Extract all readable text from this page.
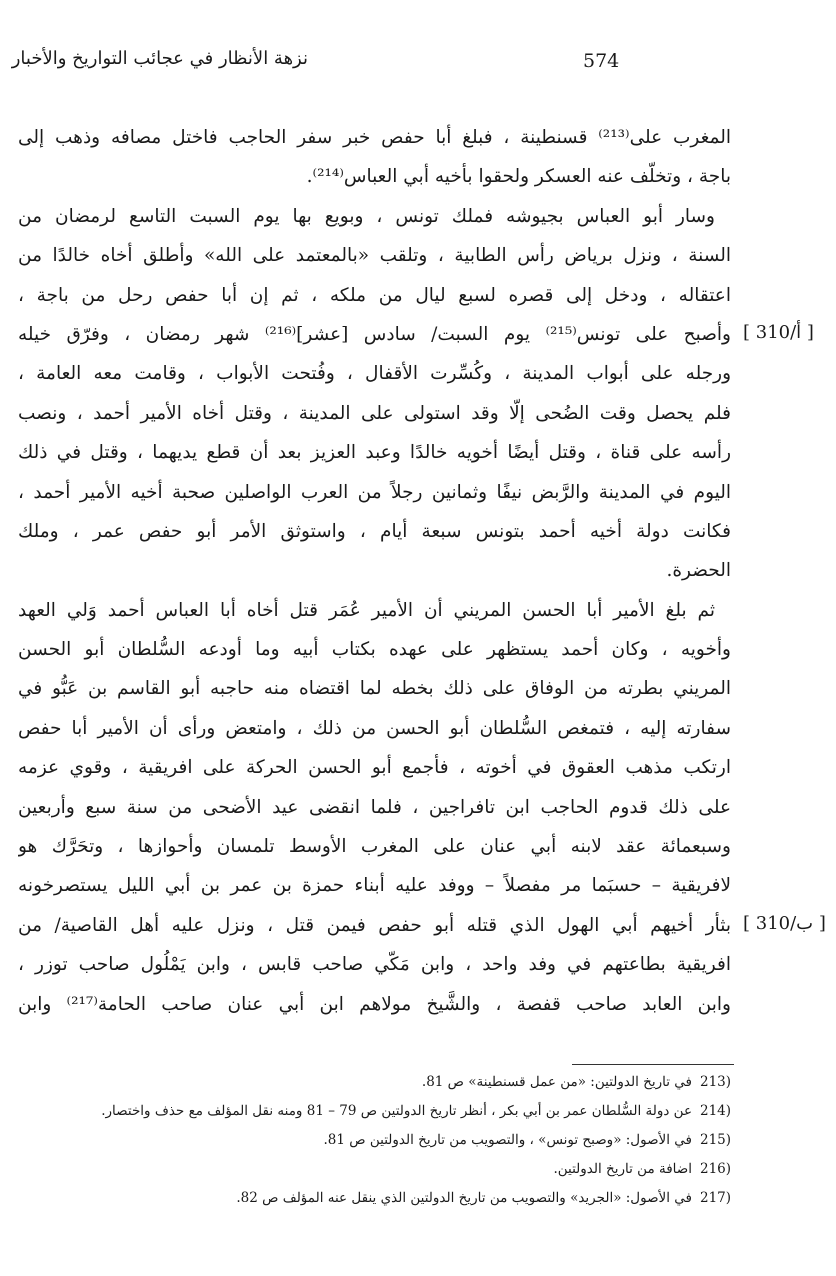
574
نزهة الأنظار في عجائب التواريخ والأخبار
المغرب على⁽²¹³⁾ قسنطينة ، فبلغ أبا حفص خبر سفر الحاجب فاختل مصافه وذهب إلى
باجة ، وتخلّف عنه العسكر ولحقوا بأخيه أبي العباس⁽²¹⁴⁾.
وسار أبو العباس بجيوشه فملك تونس ، وبويع بها يوم السبت التاسع لرمضان من
السنة ، ونزل برياض رأس الطابية ، وتلقب «بالمعتمد على الله» وأطلق أخاه خالدًا من
اعتقاله ، ودخل إلى قصره لسبع ليال من ملكه ، ثم إن أبا حفص رحل من باجة ،
وأصبح على تونس⁽²¹⁵⁾ يوم السبت/ سادس [عشر]⁽²¹⁶⁾ شهر رمضان ، وفرّق خيله
ورجله على أبواب المدينة ، وكُسِّرت الأقفال ، وفُتحت الأبواب ، وقامت معه العامة ،
فلم يحصل وقت الضُحى إلّا وقد استولى على المدينة ، وقتل أخاه الأمير أحمد ، ونصب
رأسه على قناة ، وقتل أيضًا أخويه خالدًا وعبد العزيز بعد أن قطع يديهما ، وقتل في ذلك
اليوم في المدينة والرَّبض نيفًا وثمانين رجلاً من العرب الواصلين صحبة أخيه الأمير أحمد ،
فكانت دولة أخيه أحمد بتونس سبعة أيام ، واستوثق الأمر أبو حفص عمر ، وملك
الحضرة.
ثم بلغ الأمير أبا الحسن المريني أن الأمير عُمَر قتل أخاه أبا العباس أحمد وَلي العهد
وأخويه ، وكان أحمد يستظهر على عهده بكتاب أبيه وما أودعه السُّلطان أبو الحسن
المريني بطرته من الوفاق على ذلك بخطه لما اقتضاه منه حاجبه أبو القاسم بن عَبُّو في
سفارته إليه ، فتمغص السُّلطان أبو الحسن من ذلك ، وامتعض ورأى أن الأمير أبا حفص
ارتكب مذهب العقوق في أخوته ، فأجمع أبو الحسن الحركة على افريقية ، وقوي عزمه
على ذلك قدوم الحاجب ابن تافراجين ، فلما انقضى عيد الأضحى من سنة سبع وأربعين
وسبعمائة عقد لابنه أبي عنان على المغرب الأوسط تلمسان وأحوازها ، وتحَرَّك هو
لافريقية – حسبَما مر مفصلاً – ووفد عليه أبناء حمزة بن عمر بن أبي الليل يستصرخونه
بثأر أخيهم أبي الهول الذي قتله أبو حفص فيمن قتل ، ونزل عليه أهل القاصية/ من
افريقية بطاعتهم في وفد واحد ، وابن مَكّي صاحب قابس ، وابن يَمْلُول صاحب توزر ،
وابن العابد صاحب قفصة ، والشَّيخ مولاهم ابن أبي عنان صاحب الحامة⁽²¹⁷⁾ وابن
[ 310/أ ]
[ 310/ب ]
213)
في تاريخ الدولتين: «من عمل قسنطينة» ص 81.
214)
عن دولة السُّلطان عمر بن أبي بكر ، أنظر تاريخ الدولتين ص 79 – 81 ومنه نقل المؤلف مع حذف واختصار.
215)
في الأصول: «وصبح تونس» ، والتصويب من تاريخ الدولتين ص 81.
216)
اضافة من تاريخ الدولتين.
217)
في الأصول: «الجريد» والتصويب من تاريخ الدولتين الذي ينقل عنه المؤلف ص 82.
